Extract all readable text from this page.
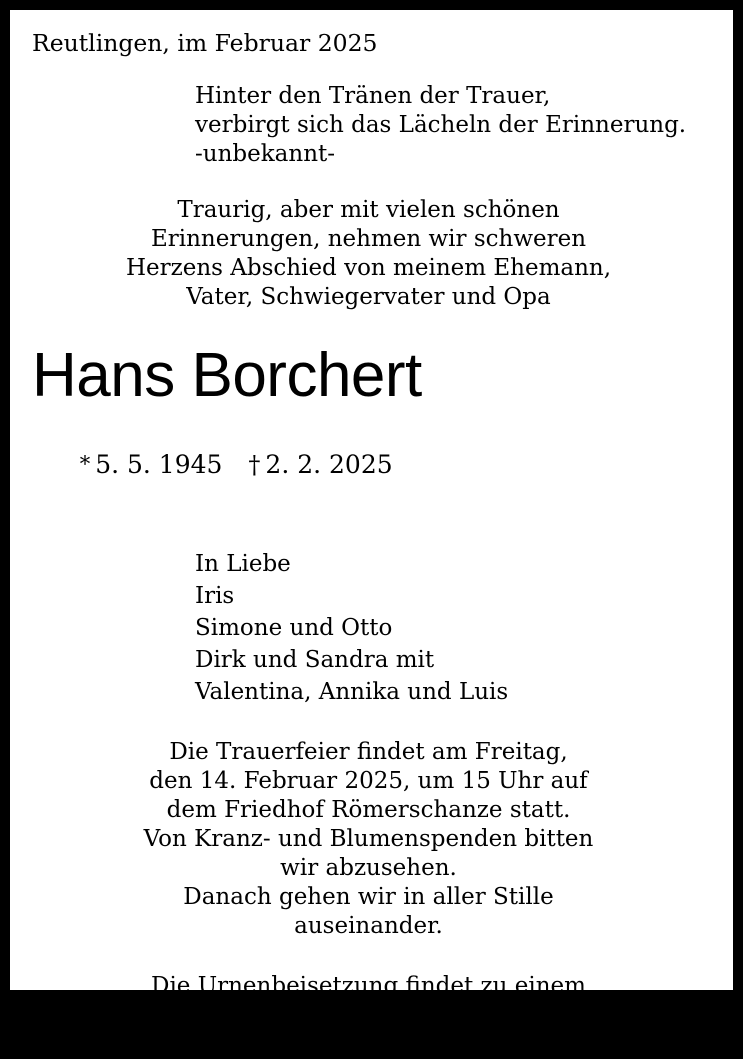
Reutlingen, im Februar 2025
Hinter den Tränen der Trauer,
verbirgt sich das Lächeln der Erinnerung.
-unbekannt-
Traurig, aber mit vielen schönen
Erinnerungen, nehmen wir schweren
Herzens Abschied von meinem Ehemann,
Vater, Schwiegervater und Opa
Hans Borchert

* 5. 5. 1945 † 2. 2. 2025

In Liebe
Iris
Simone und Otto
Dirk und Sandra mit
Valentina, Annika und Luis
Die Trauerfeier findet am Freitag,
den 14. Februar 2025, um 15 Uhr auf
dem Friedhof Römerschanze statt.
Von Kranz- und Blumenspenden bitten
wir abzusehen.
Danach gehen wir in aller Stille
auseinander.
Die Urnenbeisetzung findet zu einem
späteren Zeitpunkt im engsten
Familienkreis statt.
